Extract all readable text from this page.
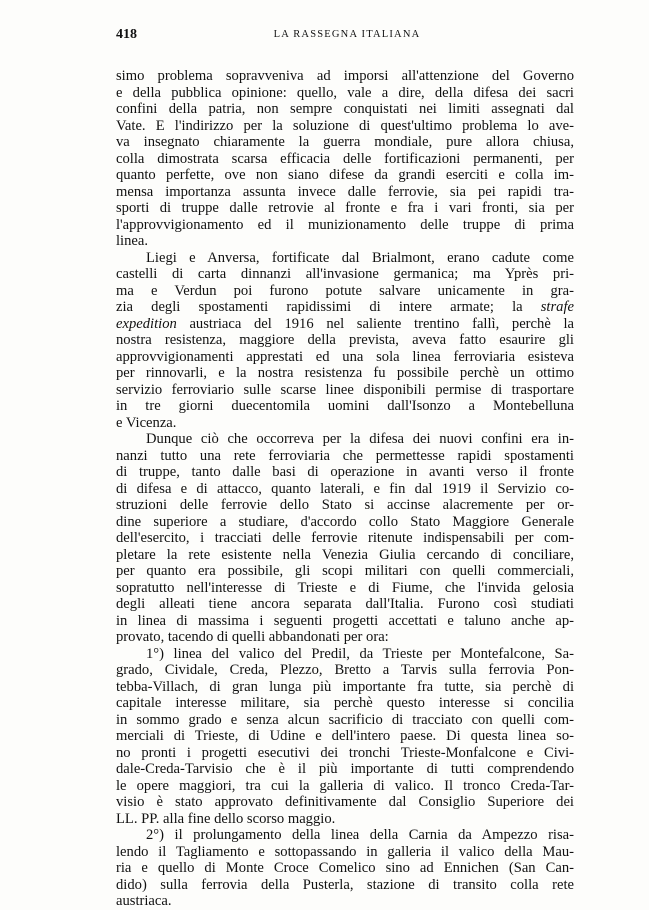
418	LA RASSEGNA ITALIANA
simo problema sopravveniva ad imporsi all'attenzione del Governo
e della pubblica opinione: quello, vale a dire, della difesa dei sacri
confini della patria, non sempre conquistati nei limiti assegnati dal
Vate. E l'indirizzo per la soluzione di quest'ultimo problema lo ave-
va insegnato chiaramente la guerra mondiale, pure allora chiusa,
colla dimostrata scarsa efficacia delle fortificazioni permanenti, per
quanto perfette, ove non siano difese da grandi eserciti e colla im-
mensa importanza assunta invece dalle ferrovie, sia pei rapidi tra-
sporti di truppe dalle retrovie al fronte e fra i vari fronti, sia per
l'approvvigionamento ed il munizionamento delle truppe di prima
linea.
Liegi e Anversa, fortificate dal Brialmont, erano cadute come
castelli di carta dinnanzi all'invasione germanica; ma Yprès pri-
ma e Verdun poi furono potute salvare unicamente in gra-
zia degli spostamenti rapidissimi di intere armate; la strafe
expedition austriaca del 1916 nel saliente trentino fallì, perchè la
nostra resistenza, maggiore della prevista, aveva fatto esaurire gli
approvvigionamenti apprestati ed una sola linea ferroviaria esisteva
per rinnovarli, e la nostra resistenza fu possibile perchè un ottimo
servizio ferroviario sulle scarse linee disponibili permise di trasportare
in tre giorni duecentomila uomini dall'Isonzo a Montebelluna
e Vicenza.
Dunque ciò che occorreva per la difesa dei nuovi confini era in-
nanzi tutto una rete ferroviaria che permettesse rapidi spostamenti
di truppe, tanto dalle basi di operazione in avanti verso il fronte
di difesa e di attacco, quanto laterali, e fin dal 1919 il Servizio co-
struzioni delle ferrovie dello Stato si accinse alacremente per or-
dine superiore a studiare, d'accordo collo Stato Maggiore Generale
dell'esercito, i tracciati delle ferrovie ritenute indispensabili per com-
pletare la rete esistente nella Venezia Giulia cercando di conciliare,
per quanto era possibile, gli scopi militari con quelli commerciali,
sopratutto nell'interesse di Trieste e di Fiume, che l'invida gelosia
degli alleati tiene ancora separata dall'Italia. Furono così studiati
in linea di massima i seguenti progetti accettati e taluno anche ap-
provato, tacendo di quelli abbandonati per ora:
1°) linea del valico del Predil, da Trieste per Montefalcone, Sa-
grado, Cividale, Creda, Plezzo, Bretto a Tarvis sulla ferrovia Pon-
tebba-Villach, di gran lunga più importante fra tutte, sia perchè di
capitale interesse militare, sia perchè questo interesse si concilia
in sommo grado e senza alcun sacrificio di tracciato con quelli com-
merciali di Trieste, di Udine e dell'intero paese. Di questa linea so-
no pronti i progetti esecutivi dei tronchi Trieste-Monfalcone e Civi-
dale-Creda-Tarvisio che è il più importante di tutti comprendendo
le opere maggiori, tra cui la galleria di valico. Il tronco Creda-Tar-
visio è stato approvato definitivamente dal Consiglio Superiore dei
LL. PP. alla fine dello scorso maggio.
2°) il prolungamento della linea della Carnia da Ampezzo risa-
lendo il Tagliamento e sottopassando in galleria il valico della Mau-
ria e quello di Monte Croce Comelico sino ad Ennichen (San Can-
dido) sulla ferrovia della Pusterla, stazione di transito colla rete
austriaca.
